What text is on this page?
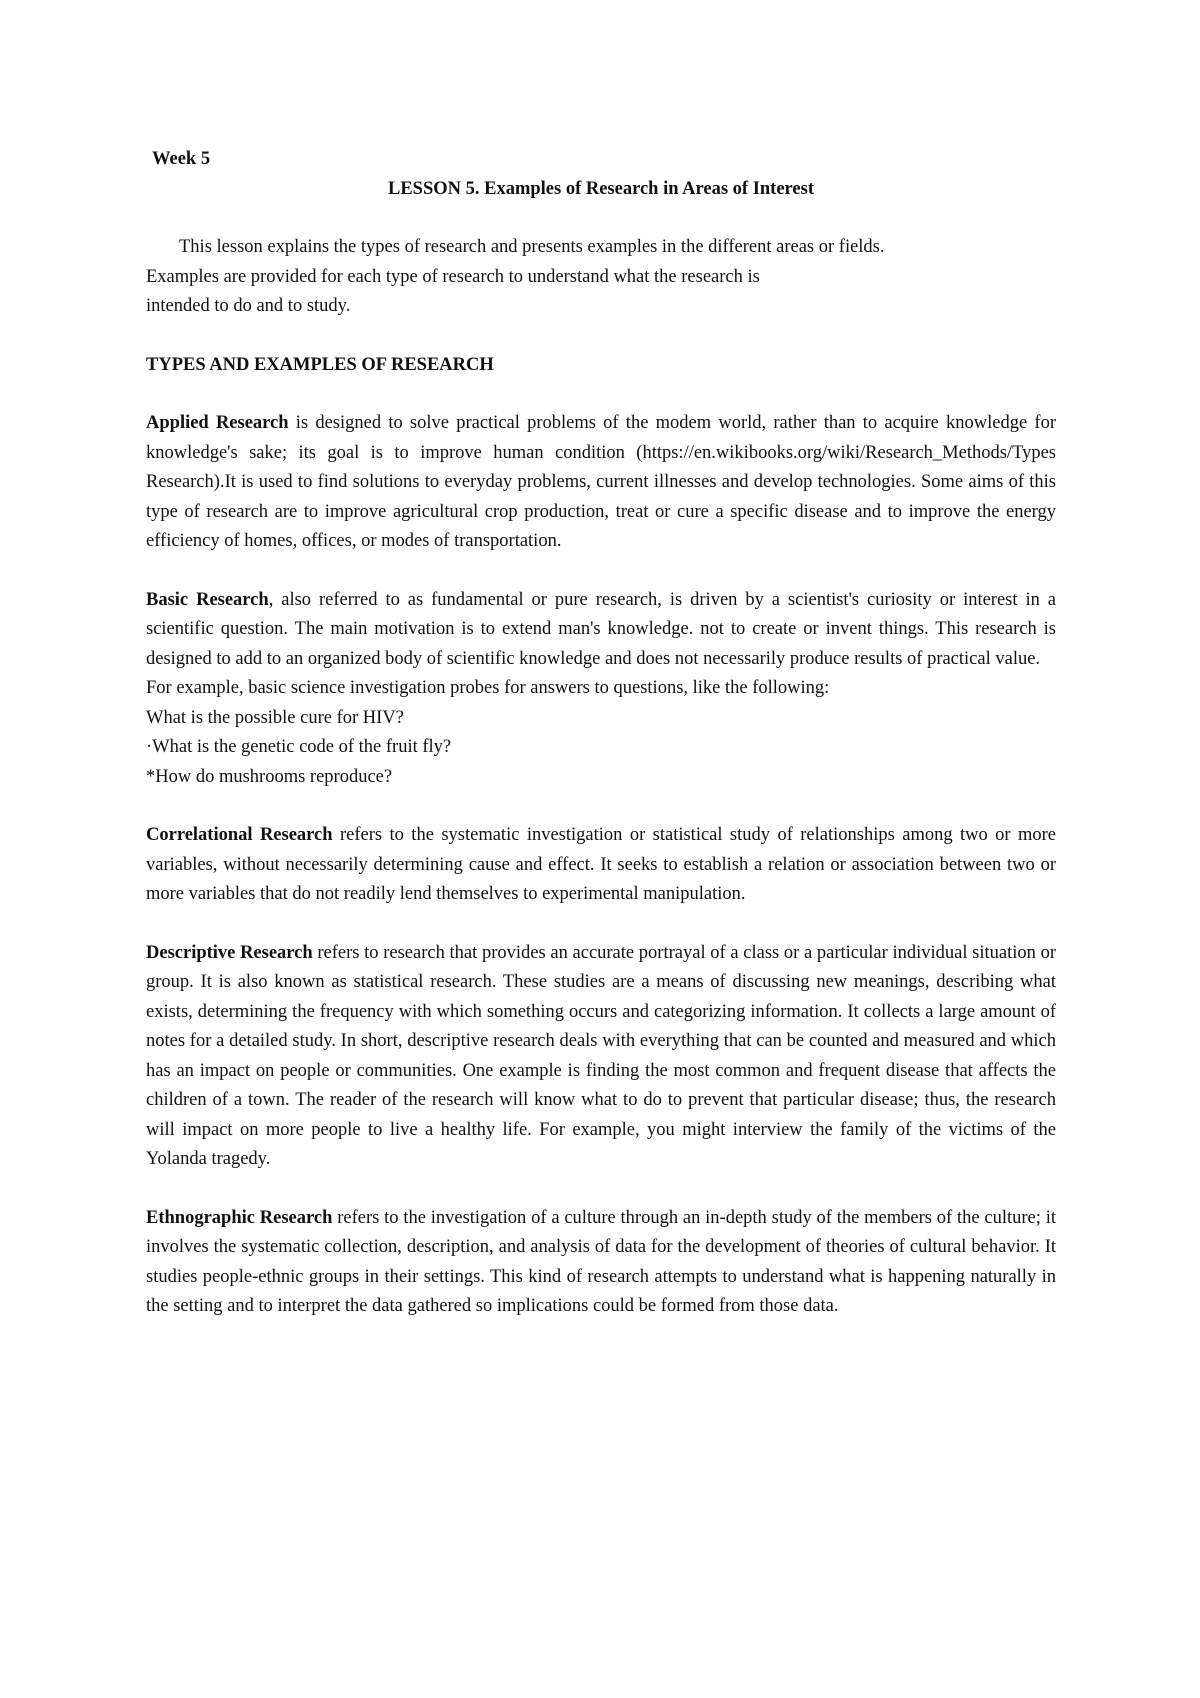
Week 5

LESSON 5. Examples of Research in Areas of Interest

This lesson explains the types of research and presents examples in the different areas or fields.

Examples are provided for each type of research to understand what the research is intended to do and to study.

TYPES AND EXAMPLES OF RESEARCH

Applied Research is designed to solve practical problems of the modem world, rather than to acquire knowledge for knowledge's sake; its goal is to improve human condition (https://en.wikibooks.org/wiki/Research_Methods/Types Research).It is used to find solutions to everyday problems, current illnesses and develop technologies. Some aims of this type of research are to improve agricultural crop production, treat or cure a specific disease and to improve the energy efficiency of homes, offices, or modes of transportation.

Basic Research, also referred to as fundamental or pure research, is driven by a scientist's curiosity or interest in a scientific question. The main motivation is to extend man's knowledge. not to create or invent things. This research is designed to add to an organized body of scientific knowledge and does not necessarily produce results of practical value.

For example, basic science investigation probes for answers to questions, like the following:

What is the possible cure for HIV?

·What is the genetic code of the fruit fly?

*How do mushrooms reproduce?

Correlational Research refers to the systematic investigation or statistical study of relationships among two or more variables, without necessarily determining cause and effect. It seeks to establish a relation or association between two or more variables that do not readily lend themselves to experimental manipulation.

Descriptive Research refers to research that provides an accurate portrayal of a class or a particular individual situation or group. It is also known as statistical research. These studies are a means of discussing new meanings, describing what exists, determining the frequency with which something occurs and categorizing information. It collects a large amount of notes for a detailed study. In short, descriptive research deals with everything that can be counted and measured and which has an impact on people or communities. One example is finding the most common and frequent disease that affects the children of a town. The reader of the research will know what to do to prevent that particular disease; thus, the research will impact on more people to live a healthy life. For example, you might interview the family of the victims of the Yolanda tragedy.

Ethnographic Research refers to the investigation of a culture through an in-depth study of the members of the culture; it involves the systematic collection, description, and analysis of data for the development of theories of cultural behavior. It studies people-ethnic groups in their settings. This kind of research attempts to understand what is happening naturally in the setting and to interpret the data gathered so implications could be formed from those data.
